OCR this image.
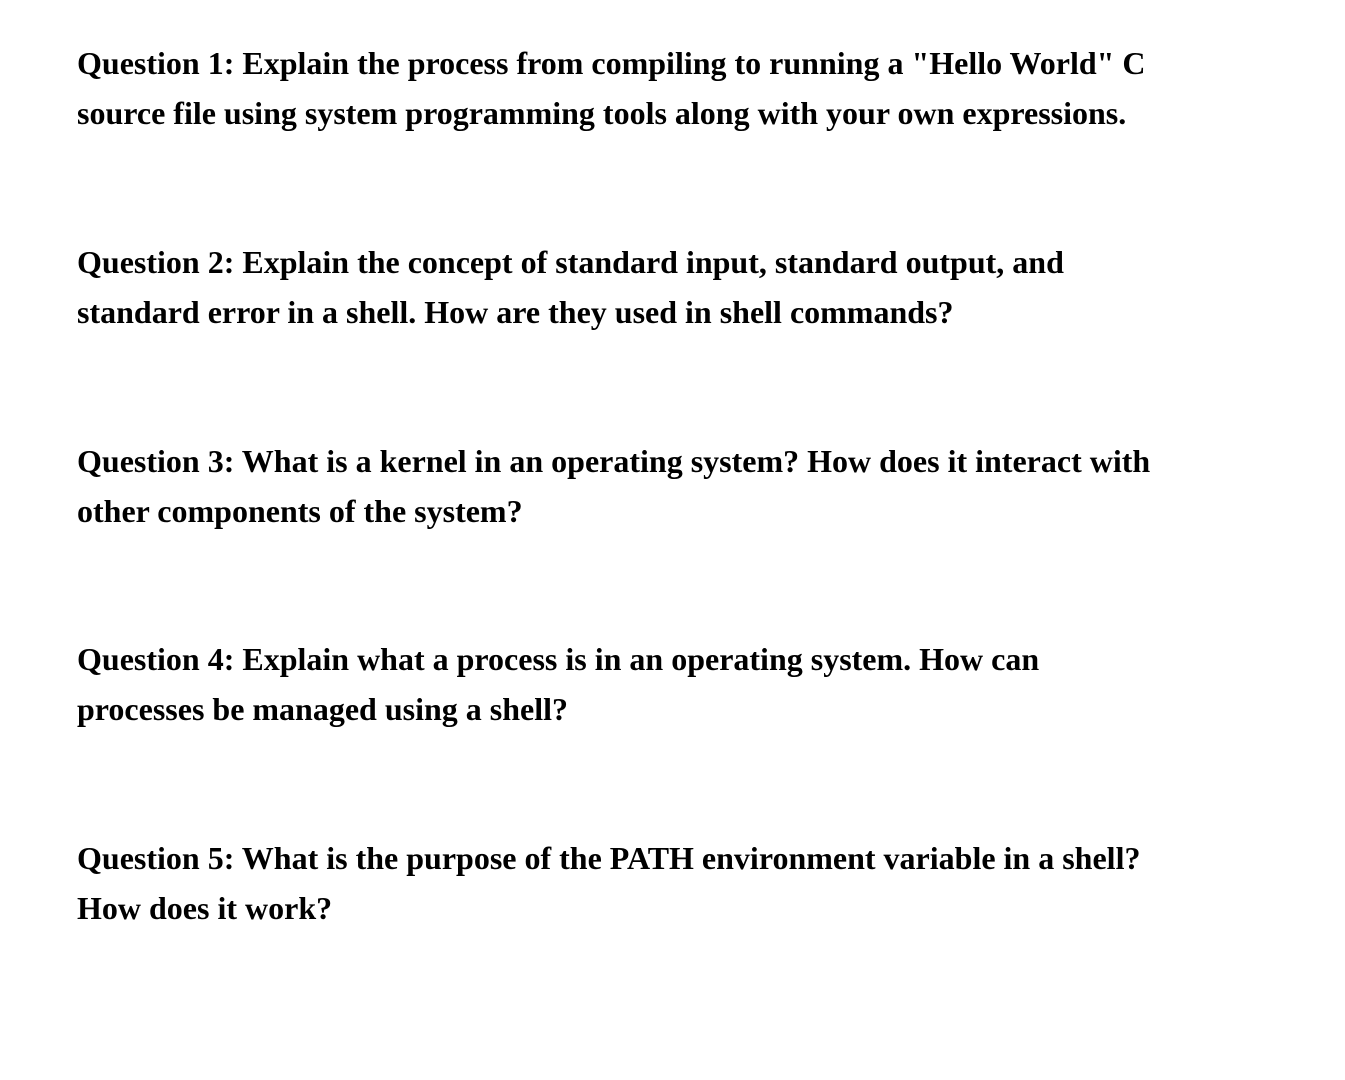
Question 1: Explain the process from compiling to running a "Hello World" C
source file using system programming tools along with your own expressions.

Question 2: Explain the concept of standard input, standard output, and
standard error in a shell. How are they used in shell commands?

Question 3: What is a kernel in an operating system? How does it interact with
other components of the system?

Question 4: Explain what a process is in an operating system. How can
processes be managed using a shell?

Question 5: What is the purpose of the PATH environment variable in a shell?
How does it work?
